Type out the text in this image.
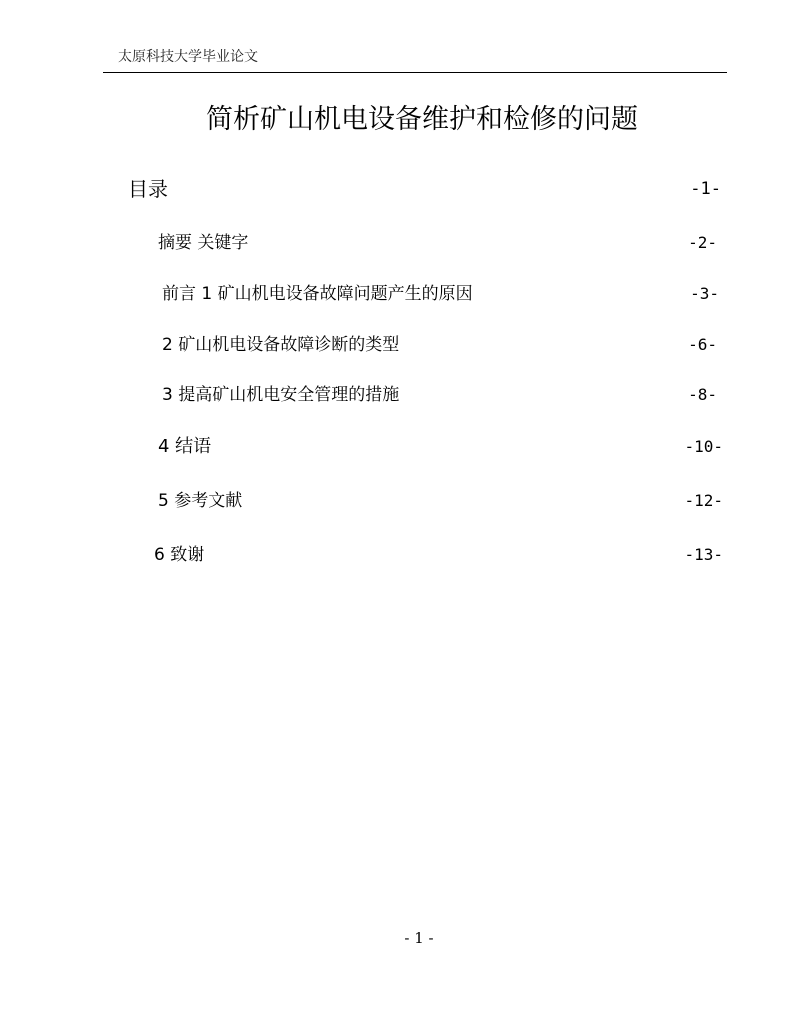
太原科技大学毕业论文
简析矿山机电设备维护和检修的问题
目录	-1-
摘要 关键字	-2-
前言 1 矿山机电设备故障问题产生的原因	-3-
2 矿山机电设备故障诊断的类型	-6-
3 提高矿山机电安全管理的措施	-8-
4 结语	-10-
5 参考文献	-12-
6 致谢	-13-
- 1 -
